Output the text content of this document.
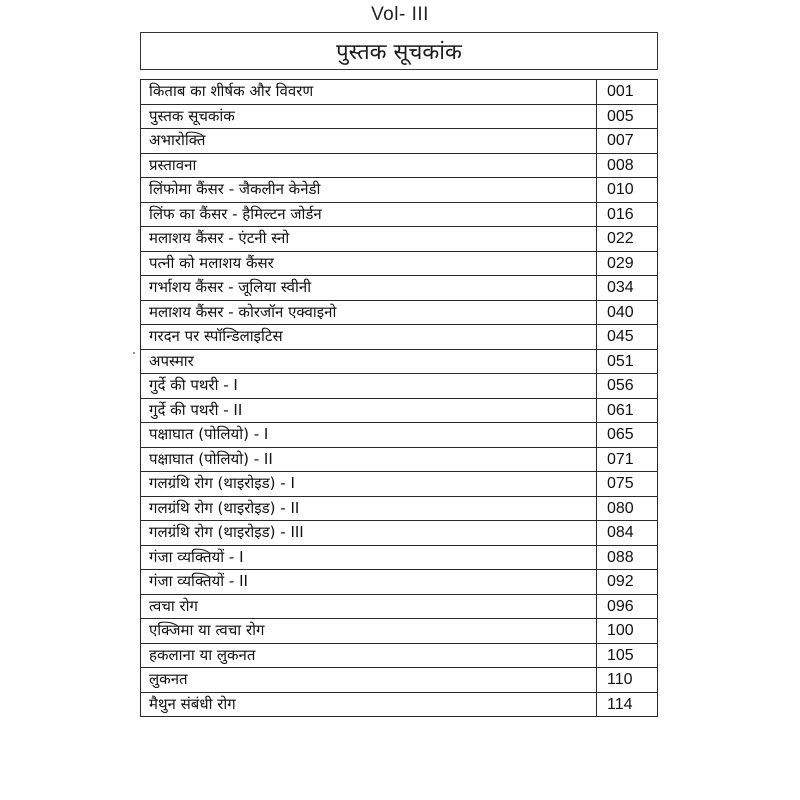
Vol- III
पुस्तक सूचकांक
किताब का शीर्षक और विवरण	001
पुस्तक सूचकांक	005
अभारोक्ति	007
प्रस्तावना	008
लिंफोमा कैंसर - जैकलीन केनेडी	010
लिंफ का कैंसर - हैमिल्टन जोर्डन	016
मलाशय कैंसर - एंटनी स्नो	022
पत्नी को मलाशय कैंसर	029
गर्भाशय कैंसर - जूलिया स्वीनी	034
मलाशय कैंसर - कोरजॉन एक्वाइनो	040
गरदन पर स्पॉन्डिलाइटिस	045
अपस्मार	051
गुर्दे की पथरी - I	056
गुर्दे की पथरी - II	061
पक्षाघात (पोलियो) - I	065
पक्षाघात (पोलियो) - II	071
गलग्रंथि रोग (थाइरोइड) - I	075
गलग्रंथि रोग (थाइरोइड) - II	080
गलग्रंथि रोग (थाइरोइड) - III	084
गंजा व्यक्तियों - I	088
गंजा व्यक्तियों - II	092
त्वचा रोग	096
एक्जिमा या त्वचा रोग	100
हकलाना या लुकनत	105
लुकनत	110
मैथुन संबंधी रोग	114
